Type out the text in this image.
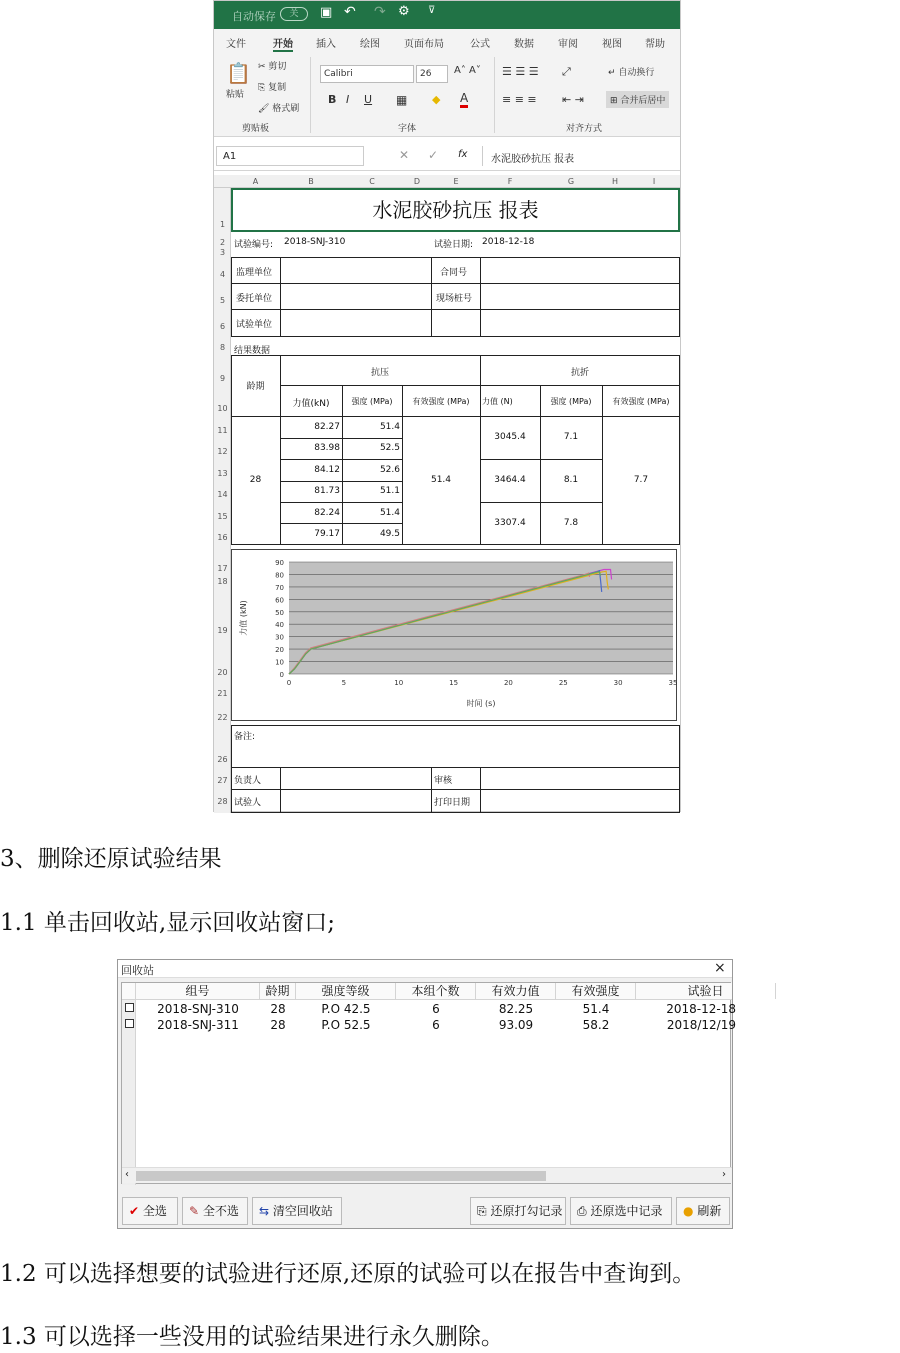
自动保存	关	▣ ↶ ↷ ⚙ ⊽
文件	开始 插入 绘图 页面布局	公式 数据 审阅 视图 帮助
📋
粘贴
✂ 剪切
⎘ 复制
🖌 格式刷
剪贴板
Calibri	26	A˄ A˅
B I U ▦ ◆ A
字体
☰ ☰ ☰ ⤢
≡ ≡ ≡ ⇤ ⇥
↵ 自动换行
⊞ 合并后居中
对齐方式
A1	✕ ✓ fx	水泥胶砂抗压 报表
A	B	C	D	E	F	G	H	I
1
2
3
4
5
6
8
9
10
11
12
13
14
15
16
17
18
19
20
21
22
26
27
28
水泥胶砂抗压 报表
试验编号: 2018-SNJ-310	试验日期: 2018-12-18
监理单位	合同号
委托单位	现场桩号
试验单位
结果数据
龄期
抗压	抗折
力值(kN)	强度 (MPa)	有效强度 (MPa)	力值 (N)	强度 (MPa)	有效强度 (MPa)
28
82.27
83.98
84.12
81.73
82.24
79.17
51.4
52.5
52.6
51.1
51.4
49.5
51.4
3045.4
3464.4
3307.4
7.1
8.1
7.8
7.7
0
10
20
30
40
50
60
70
80
90
0	5	10	15	20	25	30	35
时间 (s)
力值 (kN)
备注:
负责人	审核
试验人	打印日期
3、删除还原试验结果
1.1 单击回收站,显示回收站窗口;
回收站	×
组号	龄期	强度等级	本组个数	有效力值	有效强度	试验日
2018-SNJ-310	28	P.O 42.5	6	82.25	51.4	2018-12-18
2018-SNJ-311	28	P.O 52.5	6	93.09	58.2	2018/12/19
‹	›
✔ 全选	✎ 全不选	⇆ 清空回收站	⎘ 还原打勾记录	⎙ 还原选中记录	● 刷新
1.2 可以选择想要的试验进行还原,还原的试验可以在报告中查询到。
1.3 可以选择一些没用的试验结果进行永久删除。
